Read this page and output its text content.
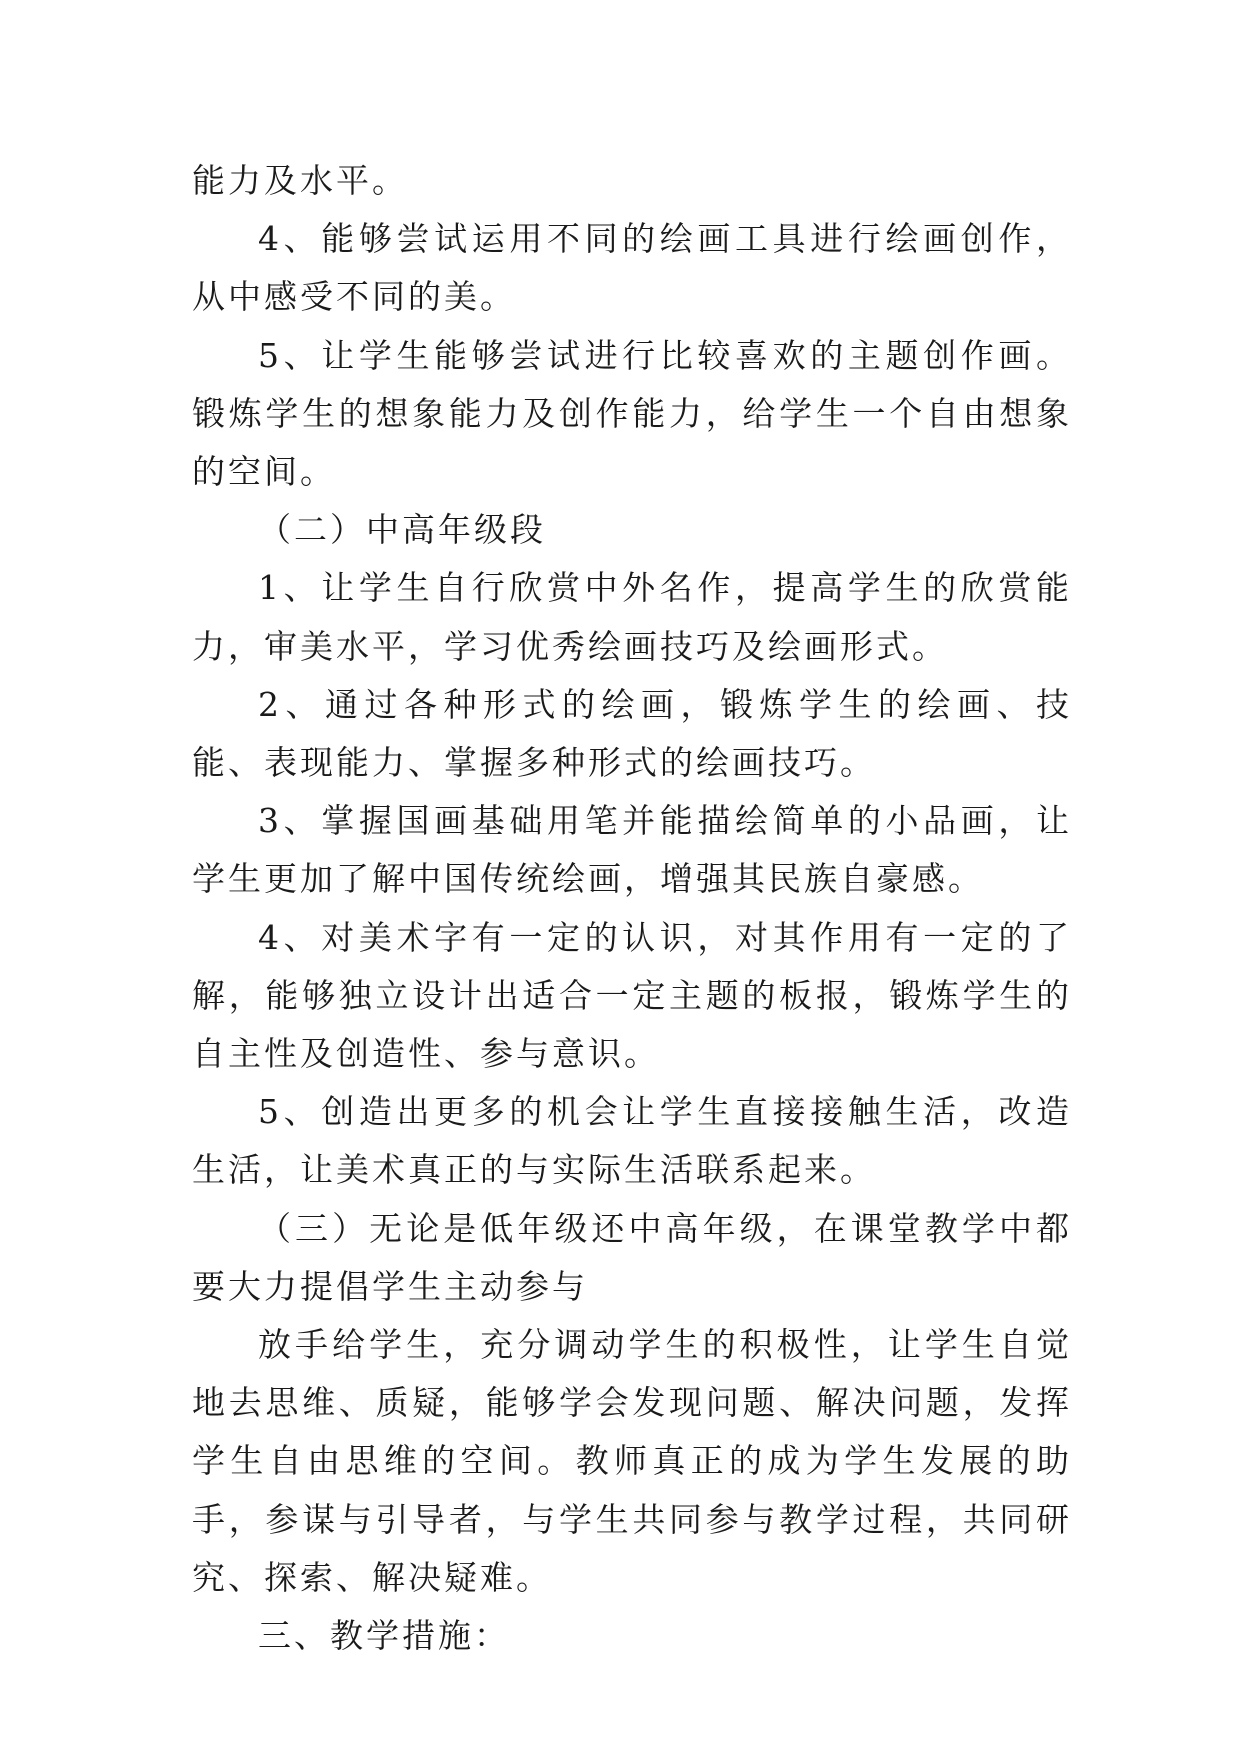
能力及水平。

4、能够尝试运用不同的绘画工具进行绘画创作，从中感受不同的美。

5、让学生能够尝试进行比较喜欢的主题创作画。锻炼学生的想象能力及创作能力，给学生一个自由想象的空间。

（二）中高年级段

1、让学生自行欣赏中外名作，提高学生的欣赏能力，审美水平，学习优秀绘画技巧及绘画形式。

2、通过各种形式的绘画，锻炼学生的绘画、技能、表现能力、掌握多种形式的绘画技巧。

3、掌握国画基础用笔并能描绘简单的小品画，让学生更加了解中国传统绘画，增强其民族自豪感。

4、对美术字有一定的认识，对其作用有一定的了解，能够独立设计出适合一定主题的板报，锻炼学生的自主性及创造性、参与意识。

5、创造出更多的机会让学生直接接触生活，改造生活，让美术真正的与实际生活联系起来。

（三）无论是低年级还中高年级，在课堂教学中都要大力提倡学生主动参与

放手给学生，充分调动学生的积极性，让学生自觉地去思维、质疑，能够学会发现问题、解决问题，发挥学生自由思维的空间。教师真正的成为学生发展的助手，参谋与引导者，与学生共同参与教学过程，共同研究、探索、解决疑难。

三、教学措施：
